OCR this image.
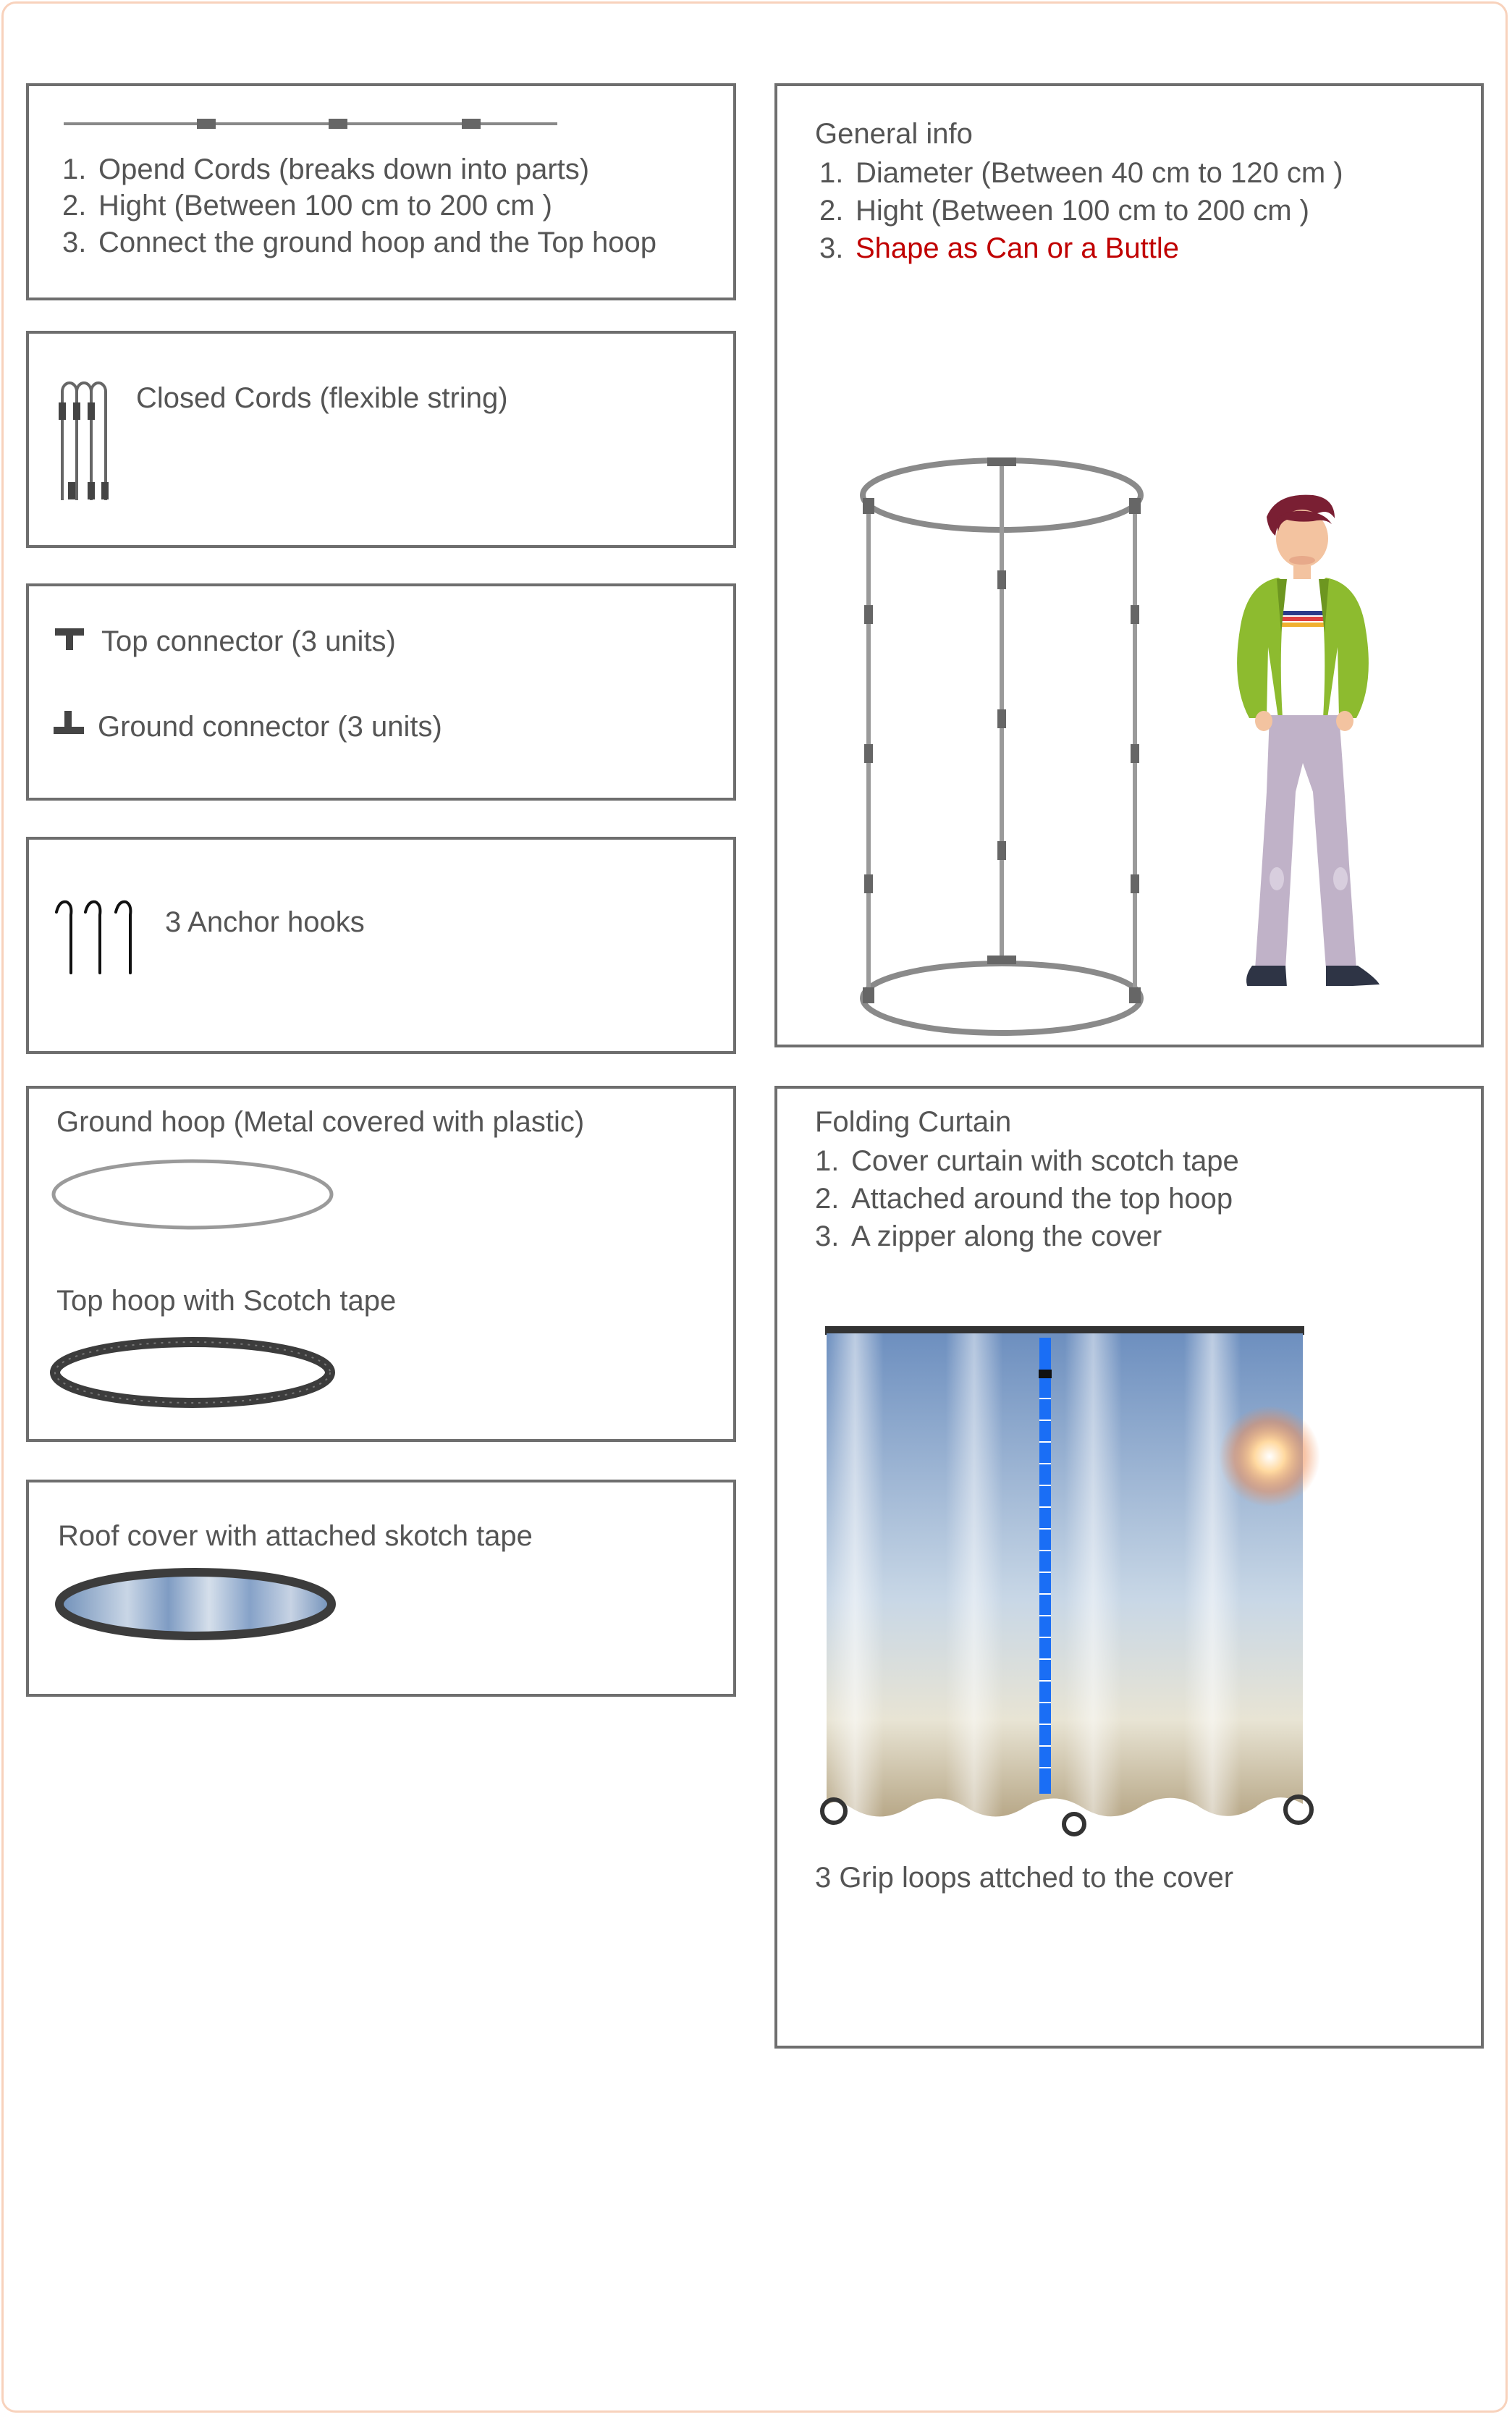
1. Opend Cords (breaks down into parts)
2. Hight (Between 100 cm to 200 cm )
3. Connect the ground hoop and the Top hoop
Closed Cords (flexible string)
Top connector (3 units)
Ground connector (3 units)
3 Anchor hooks
Ground hoop (Metal covered with plastic)
Top hoop with Scotch tape
Roof cover with attached skotch tape
General info
1. Diameter (Between 40 cm to 120 cm )
2. Hight (Between 100 cm to 200 cm )
3. Shape as Can or a Buttle
Folding Curtain
1. Cover curtain with scotch tape
2. Attached around the top hoop
3. A zipper along the cover
3 Grip loops attched to the cover
